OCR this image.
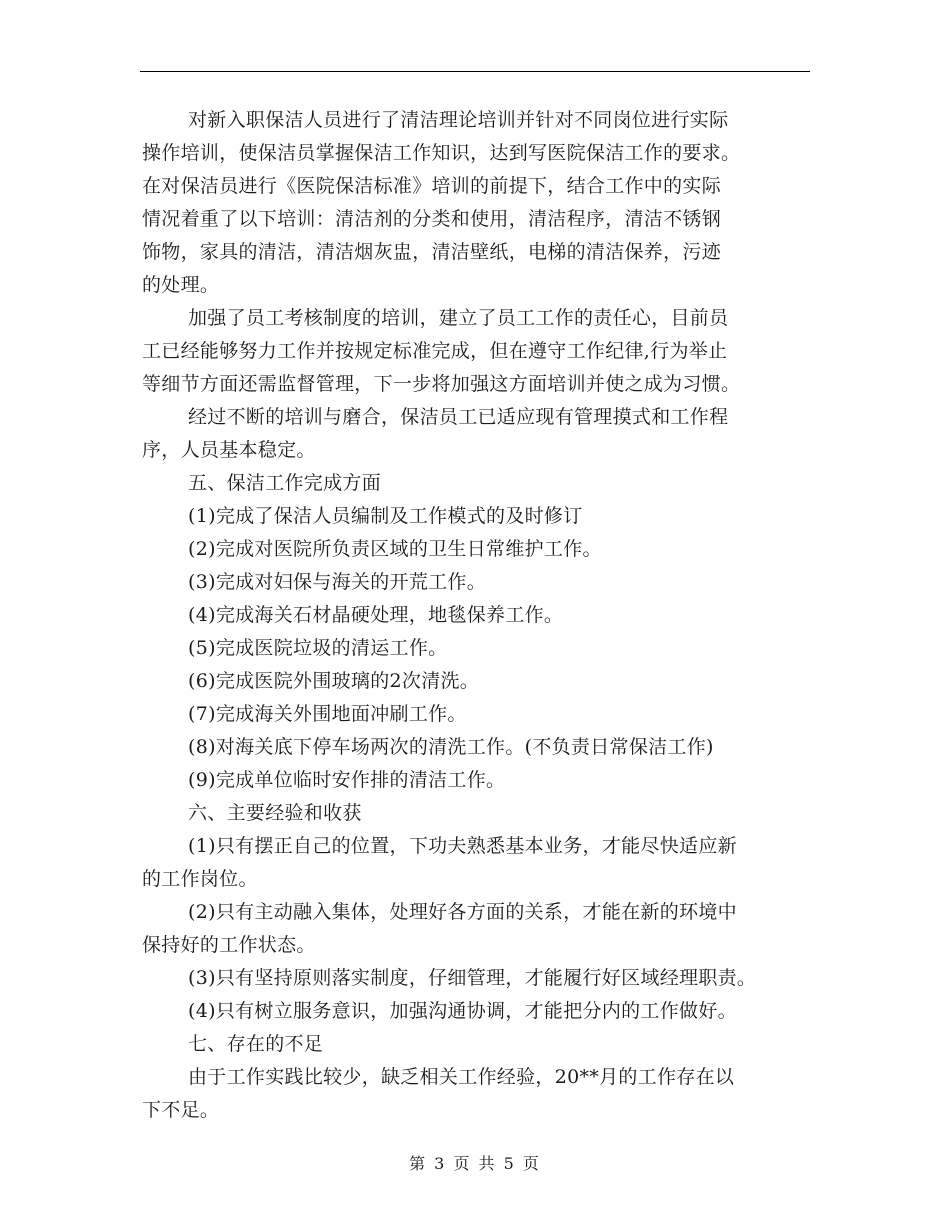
对新入职保洁人员进行了清洁理论培训并针对不同岗位进行实际
操作培训，使保洁员掌握保洁工作知识，达到写医院保洁工作的要求。
在对保洁员进行《医院保洁标准》培训的前提下，结合工作中的实际
情况着重了以下培训：清洁剂的分类和使用，清洁程序，清洁不锈钢
饰物，家具的清洁，清洁烟灰盅，清洁壁纸，电梯的清洁保养，污迹
的处理。
加强了员工考核制度的培训，建立了员工工作的责任心，目前员
工已经能够努力工作并按规定标准完成，但在遵守工作纪律,行为举止
等细节方面还需监督管理，下一步将加强这方面培训并使之成为习惯。
经过不断的培训与磨合，保洁员工已适应现有管理摸式和工作程
序，人员基本稳定。
五、保洁工作完成方面
(1)完成了保洁人员编制及工作模式的及时修订
(2)完成对医院所负责区域的卫生日常维护工作。
(3)完成对妇保与海关的开荒工作。
(4)完成海关石材晶硬处理，地毯保养工作。
(5)完成医院垃圾的清运工作。
(6)完成医院外围玻璃的2次清洗。
(7)完成海关外围地面冲刷工作。
(8)对海关底下停车场两次的清洗工作。(不负责日常保洁工作)
(9)完成单位临时安作排的清洁工作。
六、主要经验和收获
(1)只有摆正自己的位置，下功夫熟悉基本业务，才能尽快适应新
的工作岗位。
(2)只有主动融入集体，处理好各方面的关系，才能在新的环境中
保持好的工作状态。
(3)只有坚持原则落实制度，仔细管理，才能履行好区域经理职责。
(4)只有树立服务意识，加强沟通协调，才能把分内的工作做好。
七、存在的不足
由于工作实践比较少，缺乏相关工作经验，20**月的工作存在以
下不足。
第 3 页 共 5 页
